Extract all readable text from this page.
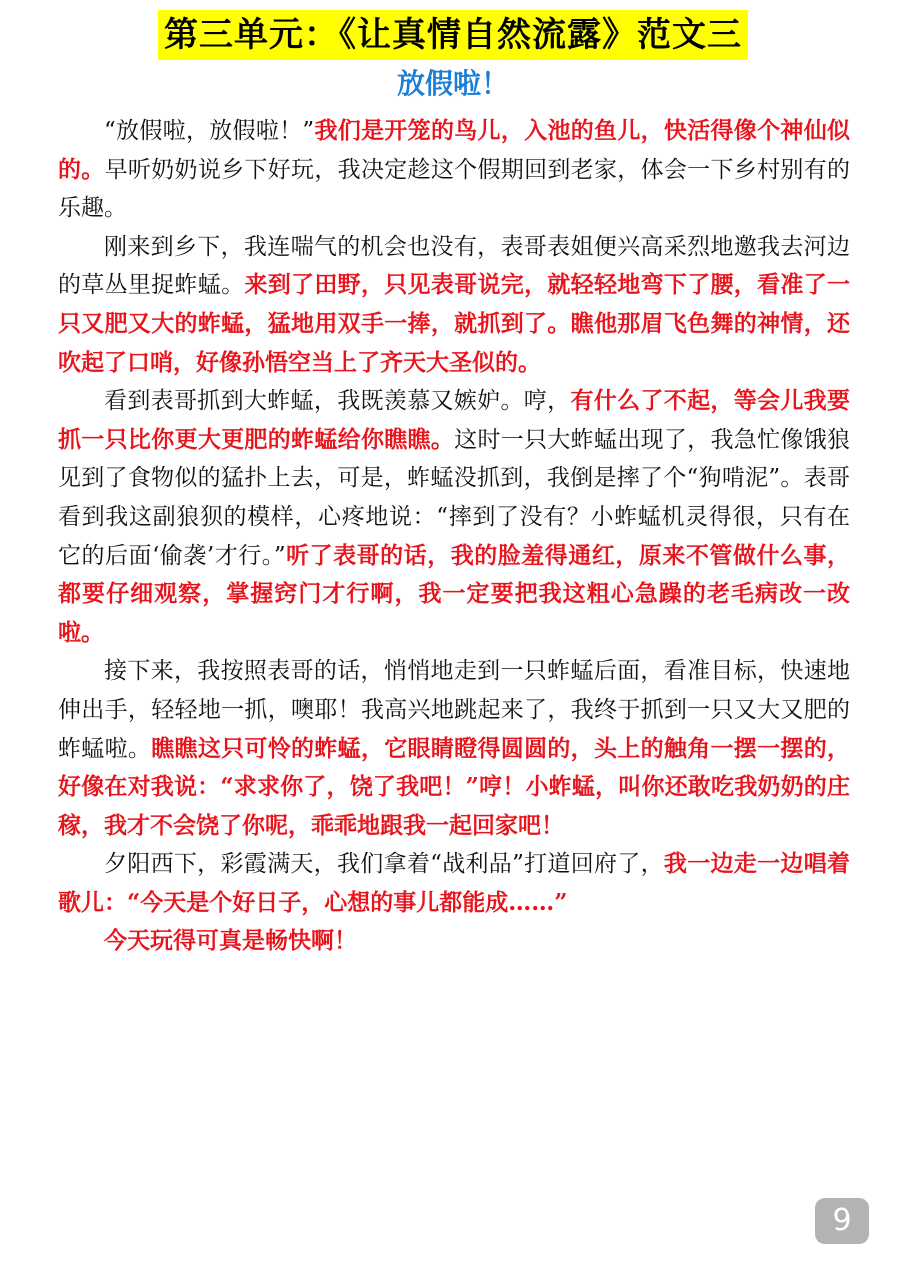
第三单元：《让真情自然流露》范文三
放假啦！

“放假啦，放假啦！”我们是开笼的鸟儿，入池的鱼儿，快活得像个神仙似的。早听奶奶说乡下好玩，我决定趁这个假期回到老家，体会一下乡村别有的乐趣。

刚来到乡下，我连喘气的机会也没有，表哥表姐便兴高采烈地邀我去河边的草丛里捉蚱蜢。来到了田野，只见表哥说完，就轻轻地弯下了腰，看准了一只又肥又大的蚱蜢，猛地用双手一捧，就抓到了。瞧他那眉飞色舞的神情，还吹起了口哨，好像孙悟空当上了齐天大圣似的。

看到表哥抓到大蚱蜢，我既羡慕又嫉妒。哼，有什么了不起，等会儿我要抓一只比你更大更肥的蚱蜢给你瞧瞧。这时一只大蚱蜢出现了，我急忙像饿狼见到了食物似的猛扑上去，可是，蚱蜢没抓到，我倒是摔了个“狗啃泥”。表哥看到我这副狼狈的模样，心疼地说：“摔到了没有？小蚱蜢机灵得很，只有在它的后面‘偷袭’才行。”听了表哥的话，我的脸羞得通红，原来不管做什么事，都要仔细观察，掌握窍门才行啊，我一定要把我这粗心急躁的老毛病改一改啦。

接下来，我按照表哥的话，悄悄地走到一只蚱蜢后面，看准目标，快速地伸出手，轻轻地一抓，噢耶！我高兴地跳起来了，我终于抓到一只又大又肥的蚱蜢啦。瞧瞧这只可怜的蚱蜢，它眼睛瞪得圆圆的，头上的触角一摆一摆的，好像在对我说：“求求你了，饶了我吧！”哼！小蚱蜢，叫你还敢吃我奶奶的庄稼，我才不会饶了你呢，乖乖地跟我一起回家吧！

夕阳西下，彩霞满天，我们拿着“战利品”打道回府了，我一边走一边唱着歌儿：“今天是个好日子，心想的事儿都能成……”

今天玩得可真是畅快啊！

9
